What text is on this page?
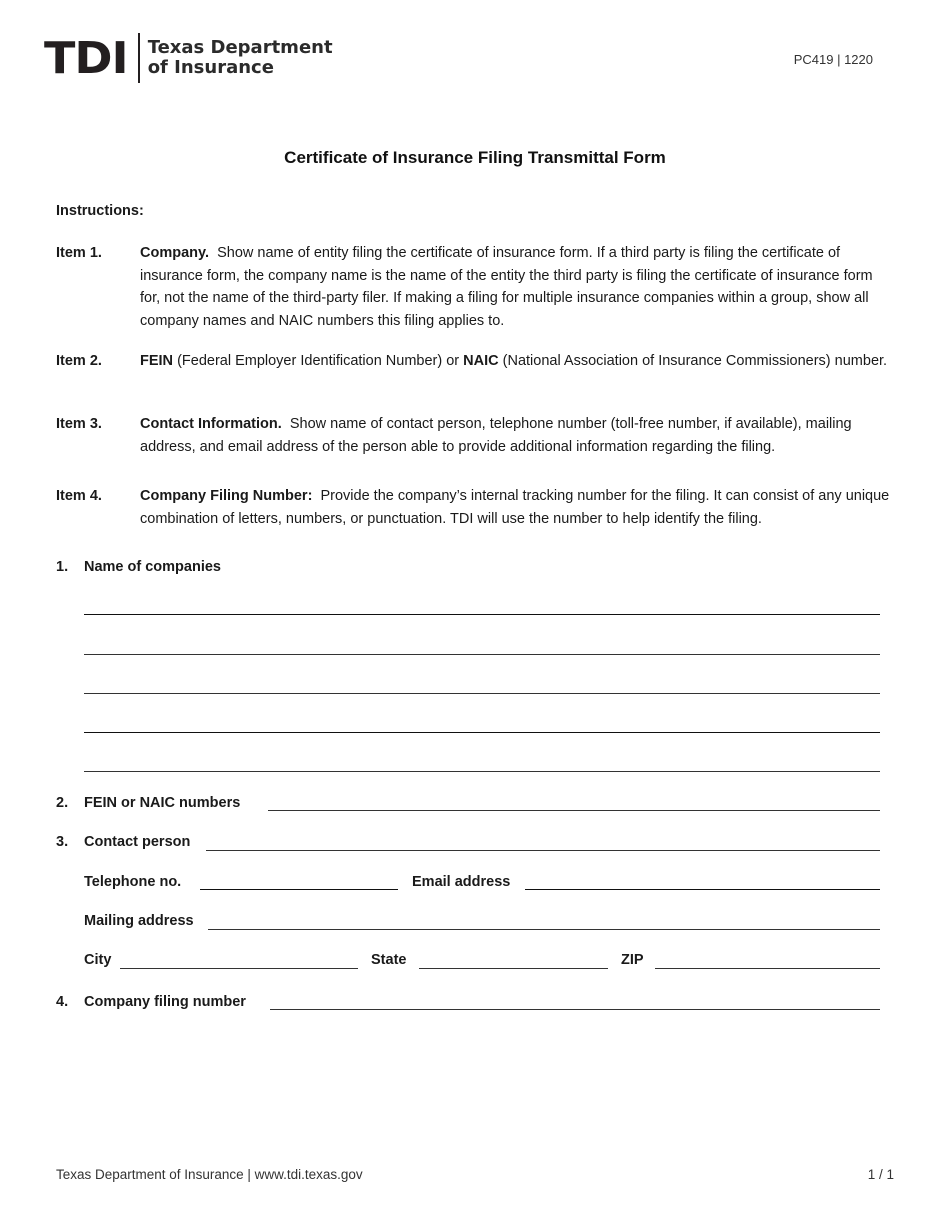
TDI Texas Department
of Insurance	PC419 | 1220
Certificate of Insurance Filing Transmittal Form
Instructions:
Item 1.	Company. Show name of entity filing the certificate of insurance form. If a third party is filing the certificate of insurance form, the company name is the name of the entity the third party is filing the certificate of insurance form for, not the name of the third-party filer. If making a filing for multiple insurance companies within a group, show all company names and NAIC numbers this filing applies to.
Item 2.	FEIN (Federal Employer Identification Number) or NAIC (National Association of Insurance Commissioners) number.
Item 3.	Contact Information. Show name of contact person, telephone number (toll-free number, if available), mailing address, and email address of the person able to provide additional information regarding the filing.
Item 4.	Company Filing Number: Provide the company’s internal tracking number for the filing. It can consist of any unique combination of letters, numbers, or punctuation. TDI will use the number to help identify the filing.
1. Name of companies
2. FEIN or NAIC numbers
3. Contact person
Telephone no.	Email address
Mailing address
City	State	ZIP
4. Company filing number
Texas Department of Insurance | www.tdi.texas.gov	1 / 1
